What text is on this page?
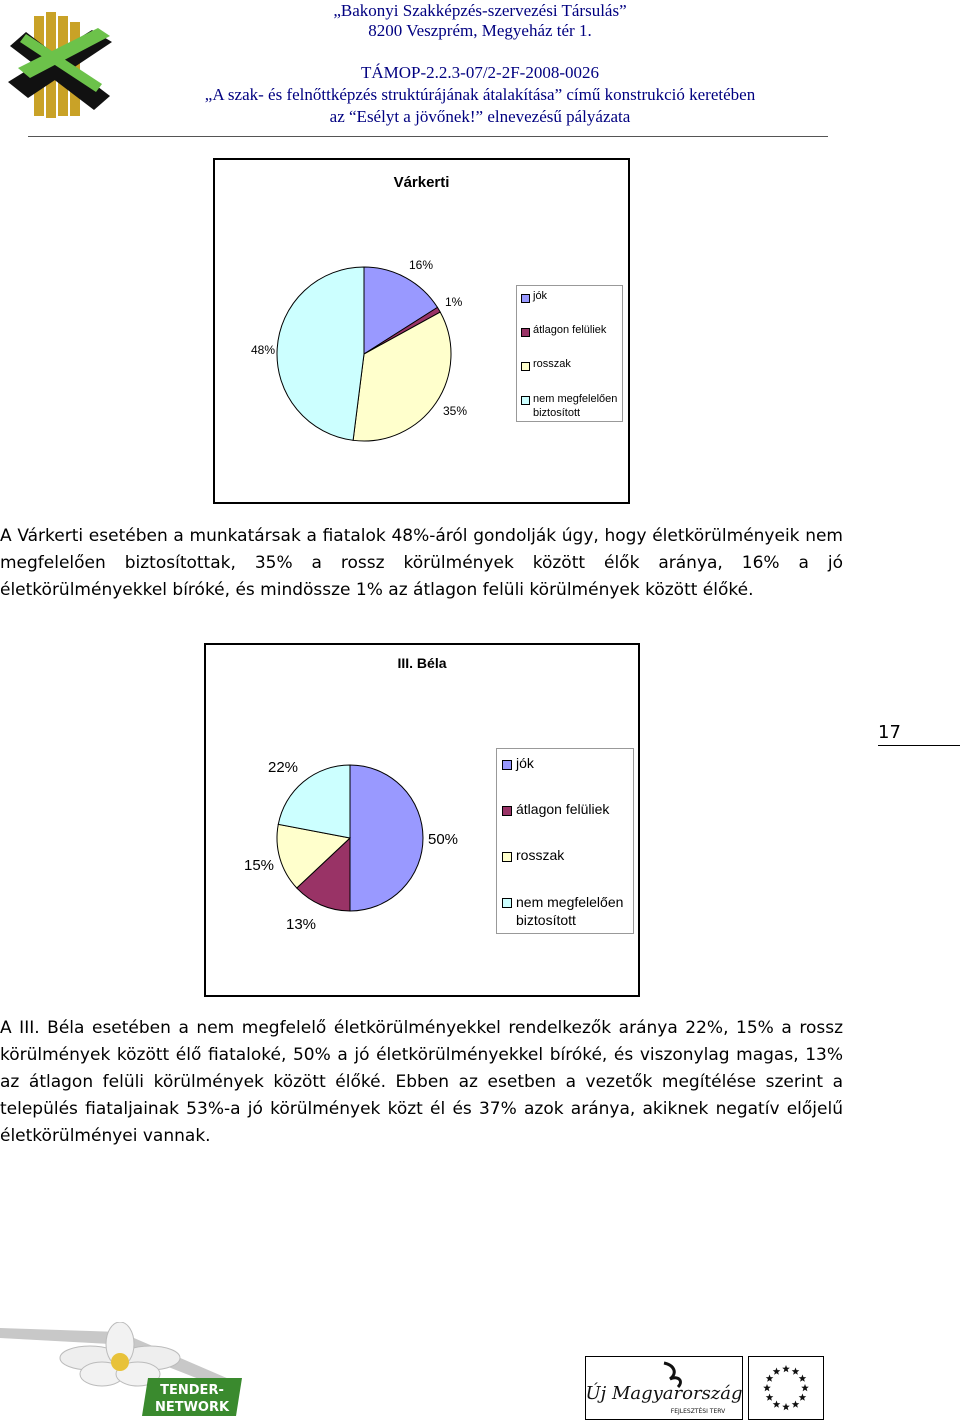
„Bakonyi Szakképzés-szervezési Társulás”
8200 Veszprém, Megyeház tér 1.
TÁMOP-2.2.3-07/2-2F-2008-0026
„A szak- és felnőttképzés struktúrájának átalakítása” című konstrukció keretében
az “Esélyt a jövőnek!” elnevezésű pályázata
Várkerti
16%
1%
35%
48%
jók
átlagon felüliek
rosszak
nem megfelelően biztosított
A Várkerti esetében a munkatársak a fiatalok 48%-áról gondolják úgy, hogy életkörülményeik nem megfelelően biztosítottak, 35% a rossz körülmények között élők aránya, 16% a jó életkörülményekkel bíróké, és mindössze 1% az átlagon felüli körülmények között élőké.
III. Béla
50%
13%
15%
22%	jók
átlagon felüliek
rosszak
nem megfelelően biztosított
17
A III. Béla esetében a nem megfelelő életkörülményekkel rendelkezők aránya 22%, 15% a rossz körülmények között élő fiataloké, 50% a jó életkörülményekkel bíróké, és viszonylag magas, 13% az átlagon felüli körülmények között élőké. Ebben az esetben a vezetők megítélése szerint a település fiataljainak 53%-a jó körülmények közt él és 37% azok aránya, akiknek negatív előjelű életkörülményei vannak.
TENDER-
NETWORK
Új Magyarország
FEJLESZTÉSI TERV
